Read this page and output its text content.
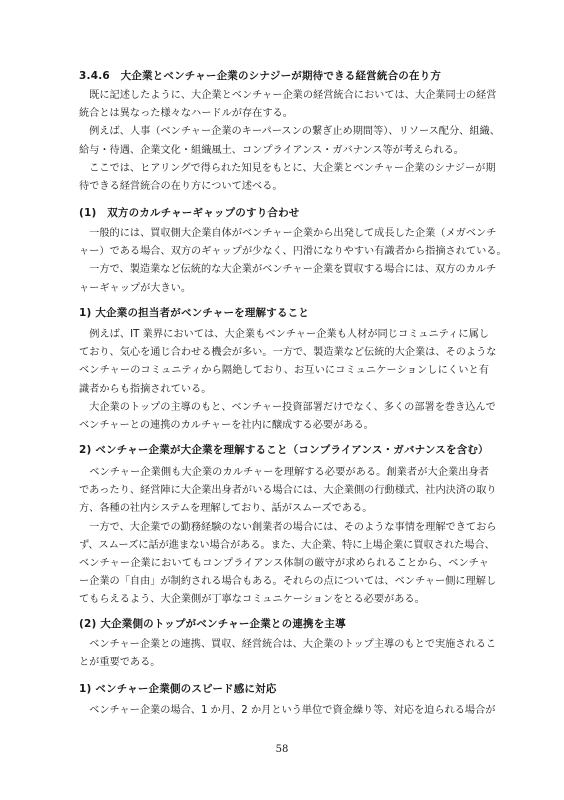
3.4.6　大企業とベンチャー企業のシナジーが期待できる経営統合の在り方
　既に記述したように、大企業とベンチャー企業の経営統合においては、大企業同士の経営
統合とは異なった様々なハードルが存在する。
　例えば、人事（ベンチャー企業のキーパースンの繋ぎ止め期間等）、リソース配分、組織、
給与・待遇、企業文化・組織風土、コンプライアンス・ガバナンス等が考えられる。
　ここでは、ヒアリングで得られた知見をもとに、大企業とベンチャー企業のシナジーが期
待できる経営統合の在り方について述べる。
(1)　双方のカルチャーギャップのすり合わせ
　一般的には、買収側大企業自体がベンチャー企業から出発して成長した企業（メガベンチ
ャー）である場合、双方のギャップが少なく、円滑になりやすい有識者から指摘されている。
　一方で、製造業など伝統的な大企業がベンチャー企業を買収する場合には、双方のカルチ
ャーギャップが大きい。
1) 大企業の担当者がベンチャーを理解すること
　例えば、IT 業界においては、大企業もベンチャー企業も人材が同じコミュニティに属し
ており、気心を通じ合わせる機会が多い。一方で、製造業など伝統的大企業は、そのような
ベンチャーのコミュニティから隔絶しており、お互いにコミュニケーションしにくいと有
識者からも指摘されている。
　大企業のトップの主導のもと、ベンチャー投資部署だけでなく、多くの部署を巻き込んで
ベンチャーとの連携のカルチャーを社内に醸成する必要がある。
2) ベンチャー企業が大企業を理解すること（コンプライアンス・ガバナンスを含む）
　ベンチャー企業側も大企業のカルチャーを理解する必要がある。創業者が大企業出身者
であったり、経営陣に大企業出身者がいる場合には、大企業側の行動様式、社内決済の取り
方、各種の社内システムを理解しており、話がスムーズである。
　一方で、大企業での勤務経験のない創業者の場合には、そのような事情を理解できておら
ず、スムーズに話が進まない場合がある。また、大企業、特に上場企業に買収された場合、
ベンチャー企業においてもコンプライアンス体制の厳守が求められることから、ベンチャ
ー企業の「自由」が制約される場合もある。それらの点については、ベンチャー側に理解し
てもらえるよう、大企業側が丁寧なコミュニケーションをとる必要がある。
(2) 大企業側のトップがベンチャー企業との連携を主導
　ベンチャー企業との連携、買収、経営統合は、大企業のトップ主導のもとで実施されるこ
とが重要である。
1) ベンチャー企業側のスピード感に対応
　ベンチャー企業の場合、1 か月、2 か月という単位で資金繰り等、対応を迫られる場合が
58
